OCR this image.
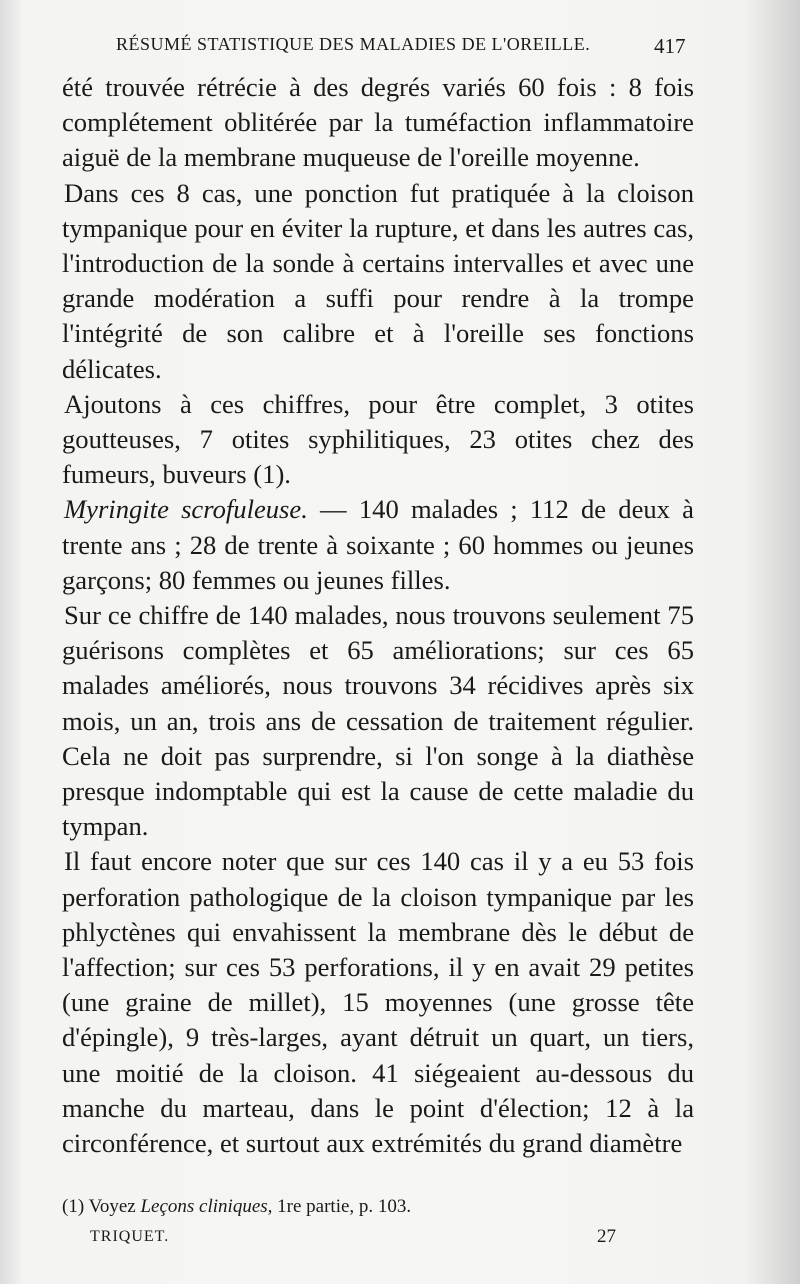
RÉSUMÉ STATISTIQUE DES MALADIES DE L'OREILLE.	417

été trouvée rétrécie à des degrés variés 60 fois : 8 fois complétement oblitérée par la tuméfaction inflammatoire aiguë de la membrane muqueuse de l'oreille moyenne.

Dans ces 8 cas, une ponction fut pratiquée à la cloison tympanique pour en éviter la rupture, et dans les autres cas, l'introduction de la sonde à certains intervalles et avec une grande modération a suffi pour rendre à la trompe l'intégrité de son calibre et à l'oreille ses fonctions délicates.

Ajoutons à ces chiffres, pour être complet, 3 otites goutteuses, 7 otites syphilitiques, 23 otites chez des fumeurs, buveurs (1).

Myringite scrofuleuse. — 140 malades ; 112 de deux à trente ans ; 28 de trente à soixante ; 60 hommes ou jeunes garçons; 80 femmes ou jeunes filles.

Sur ce chiffre de 140 malades, nous trouvons seulement 75 guérisons complètes et 65 améliorations; sur ces 65 malades améliorés, nous trouvons 34 récidives après six mois, un an, trois ans de cessation de traitement régulier. Cela ne doit pas surprendre, si l'on songe à la diathèse presque indomptable qui est la cause de cette maladie du tympan.

Il faut encore noter que sur ces 140 cas il y a eu 53 fois perforation pathologique de la cloison tympanique par les phlyctènes qui envahissent la membrane dès le début de l'affection; sur ces 53 perforations, il y en avait 29 petites (une graine de millet), 15 moyennes (une grosse tête d'épingle), 9 très-larges, ayant détruit un quart, un tiers, une moitié de la cloison. 41 siégeaient au-dessous du manche du marteau, dans le point d'élection; 12 à la circonférence, et surtout aux extrémités du grand diamètre

(1) Voyez Leçons cliniques, 1re partie, p. 103.
TRIQUET.	27
